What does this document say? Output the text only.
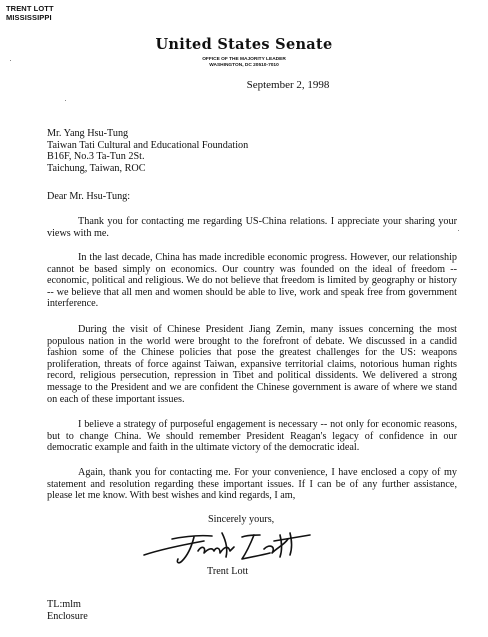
TRENT LOTT
MISSISSIPPI
United States Senate
OFFICE OF THE MAJORITY LEADER
WASHINGTON, DC 20510-7010
September 2, 1998
Mr. Yang Hsu-Tung
Taiwan Tati Cultural and Educational Foundation
B16F, No.3 Ta-Tun 2St.
Taichung, Taiwan, ROC
Dear Mr. Hsu-Tung:

Thank you for contacting me regarding US-China relations. I appreciate your sharing your views with me.

In the last decade, China has made incredible economic progress. However, our relationship cannot be based simply on economics. Our country was founded on the ideal of freedom -- economic, political and religious. We do not believe that freedom is limited by geography or history -- we believe that all men and women should be able to live, work and speak free from government interference.

During the visit of Chinese President Jiang Zemin, many issues concerning the most populous nation in the world were brought to the forefront of debate. We discussed in a candid fashion some of the Chinese policies that pose the greatest challenges for the US: weapons proliferation, threats of force against Taiwan, expansive territorial claims, notorious human rights record, religious persecution, repression in Tibet and political dissidents. We delivered a strong message to the President and we are confident the Chinese government is aware of where we stand on each of these important issues.

I believe a strategy of purposeful engagement is necessary -- not only for economic reasons, but to change China. We should remember President Reagan's legacy of confidence in our democratic example and faith in the ultimate victory of the democratic ideal.

Again, thank you for contacting me. For your convenience, I have enclosed a copy of my statement and resolution regarding these important issues. If I can be of any further assistance, please let me know. With best wishes and kind regards, I am,

Sincerely yours,
Trent Lott
TL:mlm
Enclosure
